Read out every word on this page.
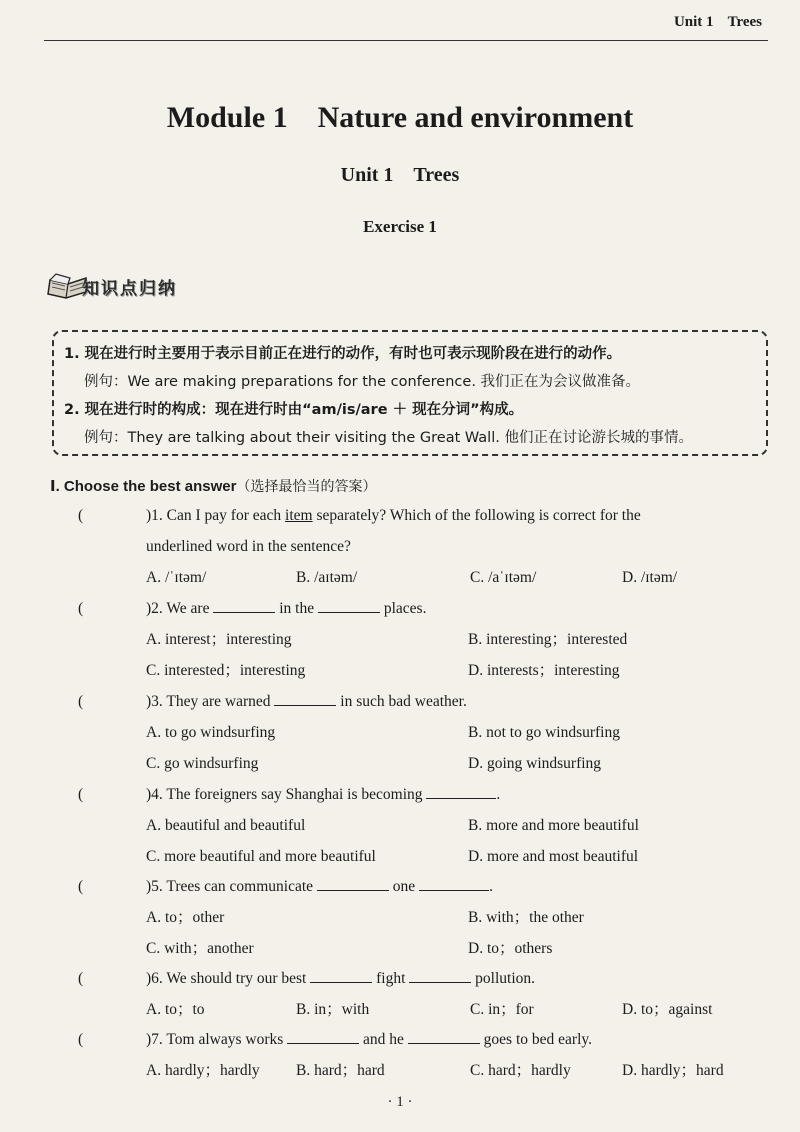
Unit 1 Trees
Module 1　Nature and environment
Unit 1　Trees
Exercise 1
知识点归纳
1. 现在进行时主要用于表示目前正在进行的动作，有时也可表示现阶段在进行的动作。
例句：We are making preparations for the conference. 我们正在为会议做准备。
2. 现在进行时的构成：现在进行时由“am/is/are ＋ 现在分词”构成。
例句：They are talking about their visiting the Great Wall. 他们正在讨论游长城的事情。
Ⅰ. Choose the best answer（选择最恰当的答案）
(	)1. Can I pay for each item separately? Which of the following is correct for the
underlined word in the sentence?
A. /ˈɪtəm/	B. /aɪtəm/	C. /aˈɪtəm/	D. /ɪtəm/
(	)2. We are	in the	places.
A. interest；interesting	B. interesting；interested
C. interested；interesting	D. interests；interesting
(	)3. They are warned	in such bad weather.
A. to go windsurfing	B. not to go windsurfing
C. go windsurfing	D. going windsurfing
(	)4. The foreigners say Shanghai is becoming	.
A. beautiful and beautiful	B. more and more beautiful
C. more beautiful and more beautiful	D. more and most beautiful
(	)5. Trees can communicate	one	.
A. to；other	B. with；the other
C. with；another	D. to；others
(	)6. We should try our best	fight	pollution.
A. to；to	B. in；with	C. in；for	D. to；against
(	)7. Tom always works	and he	goes to bed early.
A. hardly；hardly B. hard；hard	C. hard；hardly	D. hardly；hard
· 1 ·
